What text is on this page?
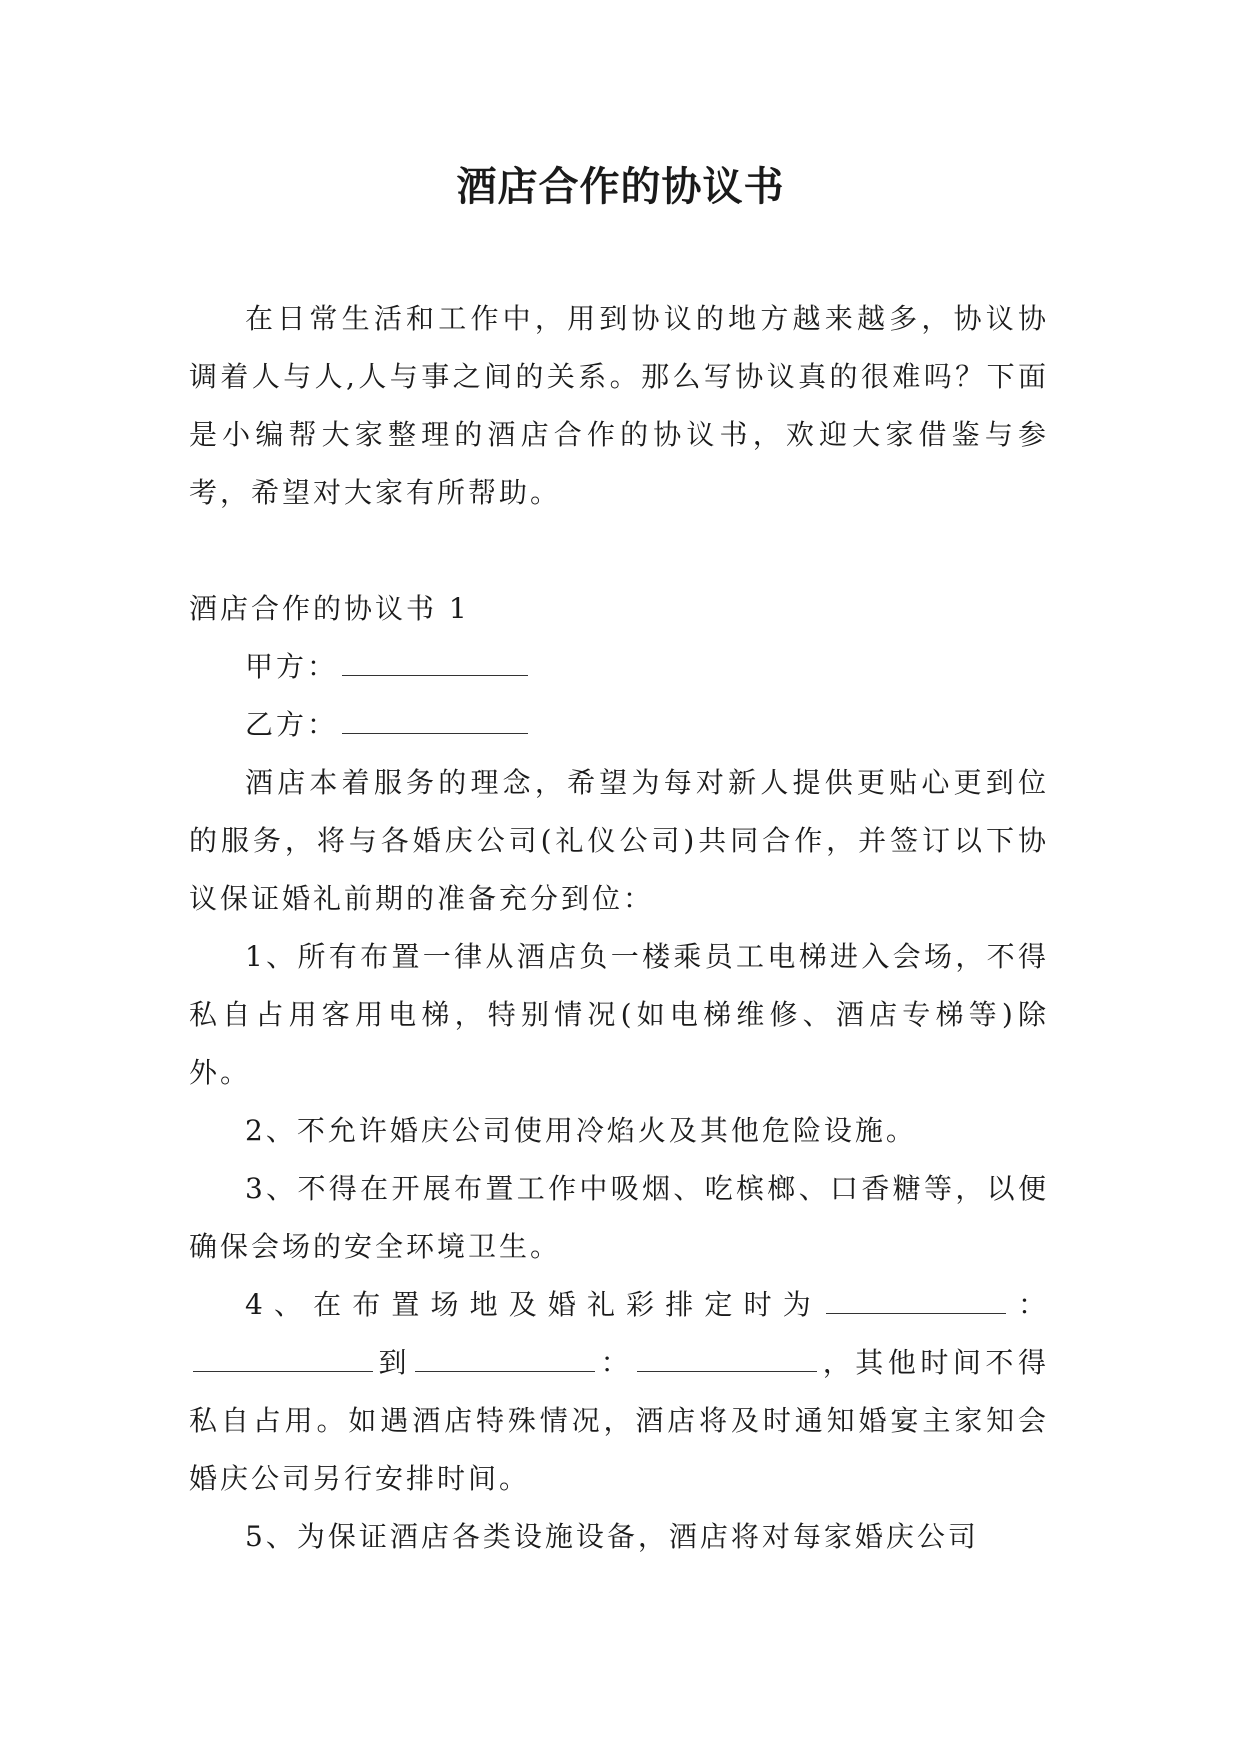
酒店合作的协议书

在日常生活和工作中，用到协议的地方越来越多，协议协调着人与人,人与事之间的关系。那么写协议真的很难吗？下面是小编帮大家整理的酒店合作的协议书，欢迎大家借鉴与参考，希望对大家有所帮助。

酒店合作的协议书 1

甲方：

乙方：

酒店本着服务的理念，希望为每对新人提供更贴心更到位的服务，将与各婚庆公司(礼仪公司)共同合作，并签订以下协议保证婚礼前期的准备充分到位：

1、所有布置一律从酒店负一楼乘员工电梯进入会场，不得私自占用客用电梯，特别情况(如电梯维修、酒店专梯等)除外。

2、不允许婚庆公司使用冷焰火及其他危险设施。

3、不得在开展布置工作中吸烟、吃槟榔、口香糖等，以便确保会场的安全环境卫生。

4、在布置场地及婚礼彩排定时为	：到	：	，其他时间不得私自占用。如遇酒店特殊情况，酒店将及时通知婚宴主家知会婚庆公司另行安排时间。

5、为保证酒店各类设施设备，酒店将对每家婚庆公司
